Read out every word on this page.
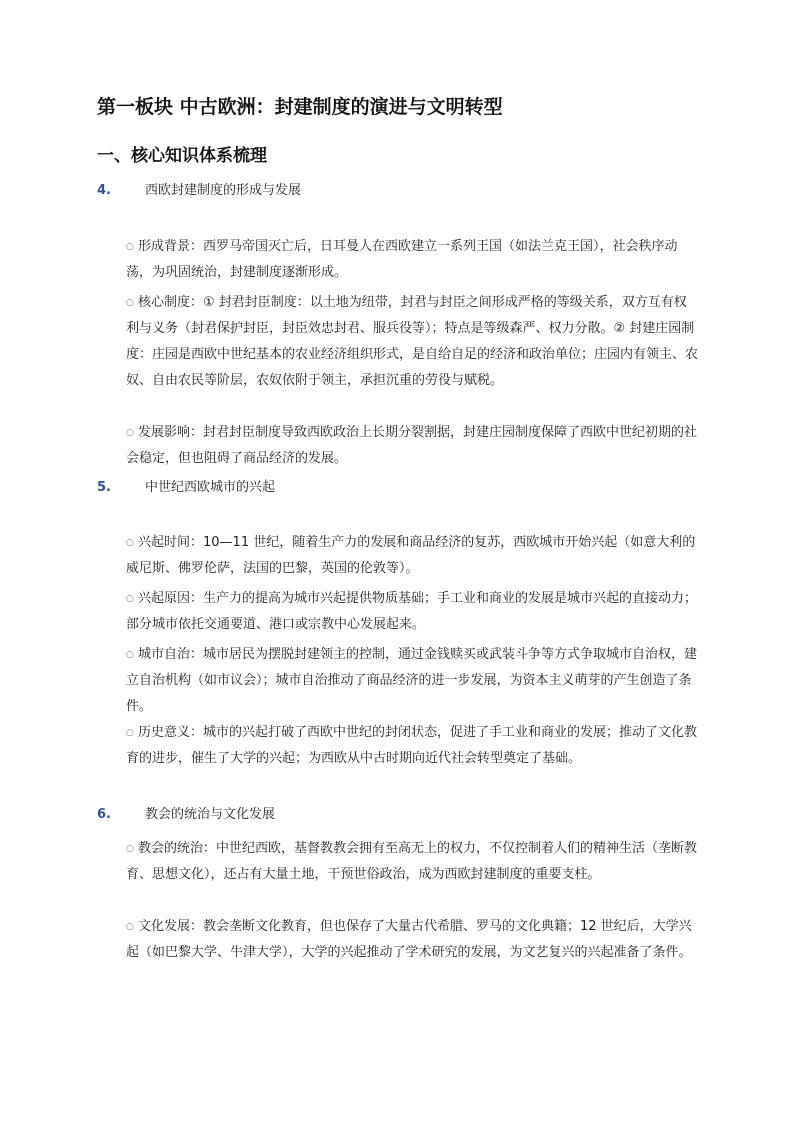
第一板块 中古欧洲：封建制度的演进与文明转型
一、核心知识体系梳理
4.	西欧封建制度的形成与发展
○ 形成背景：西罗马帝国灭亡后，日耳曼人在西欧建立一系列王国（如法兰克王国），社会秩序动荡，为巩固统治，封建制度逐渐形成。
○ 核心制度：① 封君封臣制度：以土地为纽带，封君与封臣之间形成严格的等级关系，双方互有权利与义务（封君保护封臣，封臣效忠封君、服兵役等）；特点是等级森严、权力分散。② 封建庄园制度：庄园是西欧中世纪基本的农业经济组织形式，是自给自足的经济和政治单位；庄园内有领主、农奴、自由农民等阶层，农奴依附于领主，承担沉重的劳役与赋税。
○ 发展影响：封君封臣制度导致西欧政治上长期分裂割据，封建庄园制度保障了西欧中世纪初期的社会稳定，但也阻碍了商品经济的发展。
5.	中世纪西欧城市的兴起
○ 兴起时间：10—11 世纪，随着生产力的发展和商品经济的复苏，西欧城市开始兴起（如意大利的威尼斯、佛罗伦萨，法国的巴黎，英国的伦敦等）。
○ 兴起原因：生产力的提高为城市兴起提供物质基础；手工业和商业的发展是城市兴起的直接动力；部分城市依托交通要道、港口或宗教中心发展起来。
○ 城市自治：城市居民为摆脱封建领主的控制，通过金钱赎买或武装斗争等方式争取城市自治权，建立自治机构（如市议会）；城市自治推动了商品经济的进一步发展，为资本主义萌芽的产生创造了条件。
○ 历史意义：城市的兴起打破了西欧中世纪的封闭状态，促进了手工业和商业的发展；推动了文化教育的进步，催生了大学的兴起；为西欧从中古时期向近代社会转型奠定了基础。
6.	教会的统治与文化发展
○ 教会的统治：中世纪西欧，基督教教会拥有至高无上的权力，不仅控制着人们的精神生活（垄断教育、思想文化），还占有大量土地，干预世俗政治，成为西欧封建制度的重要支柱。
○ 文化发展：教会垄断文化教育，但也保存了大量古代希腊、罗马的文化典籍；12 世纪后，大学兴起（如巴黎大学、牛津大学），大学的兴起推动了学术研究的发展，为文艺复兴的兴起准备了条件。
